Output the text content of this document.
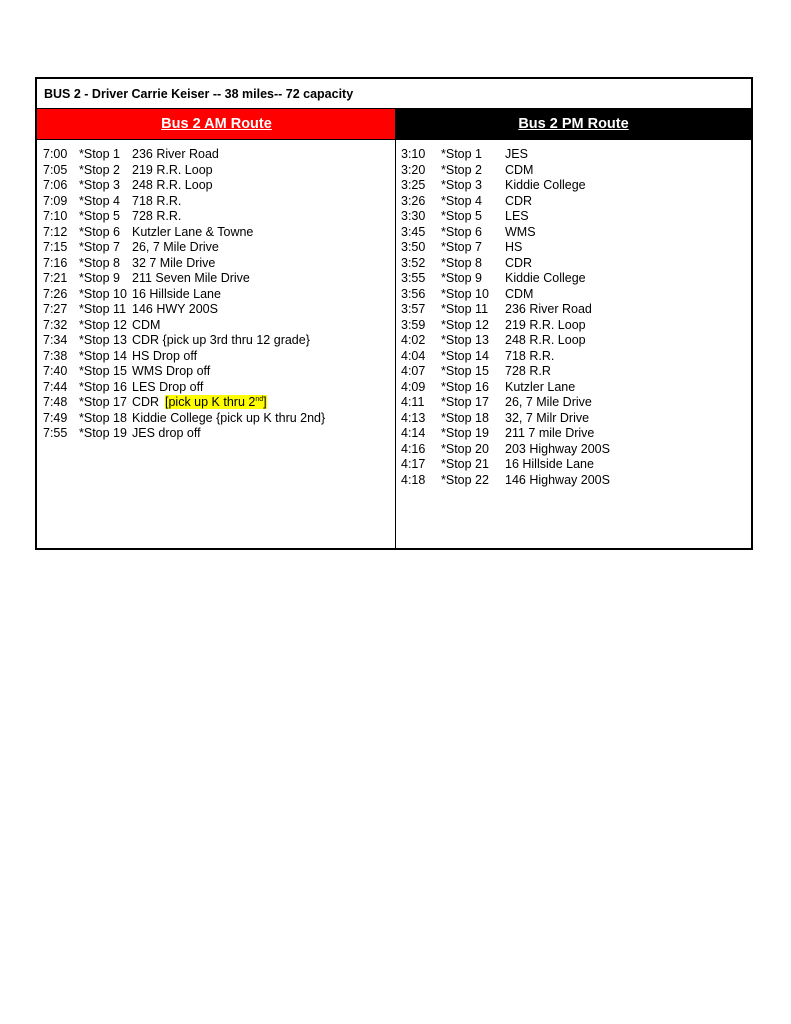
BUS 2 - Driver Carrie Keiser -- 38 miles-- 72 capacity
Bus 2 AM Route	Bus 2 PM Route
7:00 *Stop 1 236 River Road
7:05 *Stop 2 219 R.R. Loop
7:06 *Stop 3 248 R.R. Loop
7:09 *Stop 4 718 R.R.
7:10 *Stop 5 728 R.R.
7:12 *Stop 6 Kutzler Lane & Towne
7:15 *Stop 7 26, 7 Mile Drive
7:16 *Stop 8 32 7 Mile Drive
7:21 *Stop 9 211 Seven Mile Drive
7:26 *Stop 10 16 Hillside Lane
7:27 *Stop 11 146 HWY 200S
7:32 *Stop 12 CDM
7:34 *Stop 13 CDR {pick up 3rd thru 12 grade}
7:38 *Stop 14 HS Drop off
7:40 *Stop 15 WMS Drop off
7:44 *Stop 16 LES Drop off
7:48 *Stop 17 CDR [pick up K thru 2nd]
7:49 *Stop 18 Kiddie College {pick up K thru 2nd}
7:55 *Stop 19 JES drop off
3:10 *Stop 1 JES
3:20 *Stop 2 CDM
3:25 *Stop 3 Kiddie College
3:26 *Stop 4 CDR
3:30 *Stop 5 LES
3:45 *Stop 6 WMS
3:50 *Stop 7 HS
3:52 *Stop 8 CDR
3:55 *Stop 9 Kiddie College
3:56 *Stop 10 CDM
3:57 *Stop 11 236 River Road
3:59 *Stop 12 219 R.R. Loop
4:02 *Stop 13 248 R.R. Loop
4:04 *Stop 14 718 R.R.
4:07 *Stop 15 728 R.R
4:09 *Stop 16 Kutzler Lane
4:11 *Stop 17 26, 7 Mile Drive
4:13 *Stop 18 32, 7 Milr Drive
4:14 *Stop 19 211 7 mile Drive
4:16 *Stop 20 203 Highway 200S
4:17 *Stop 21 16 Hillside Lane
4:18 *Stop 22 146 Highway 200S
